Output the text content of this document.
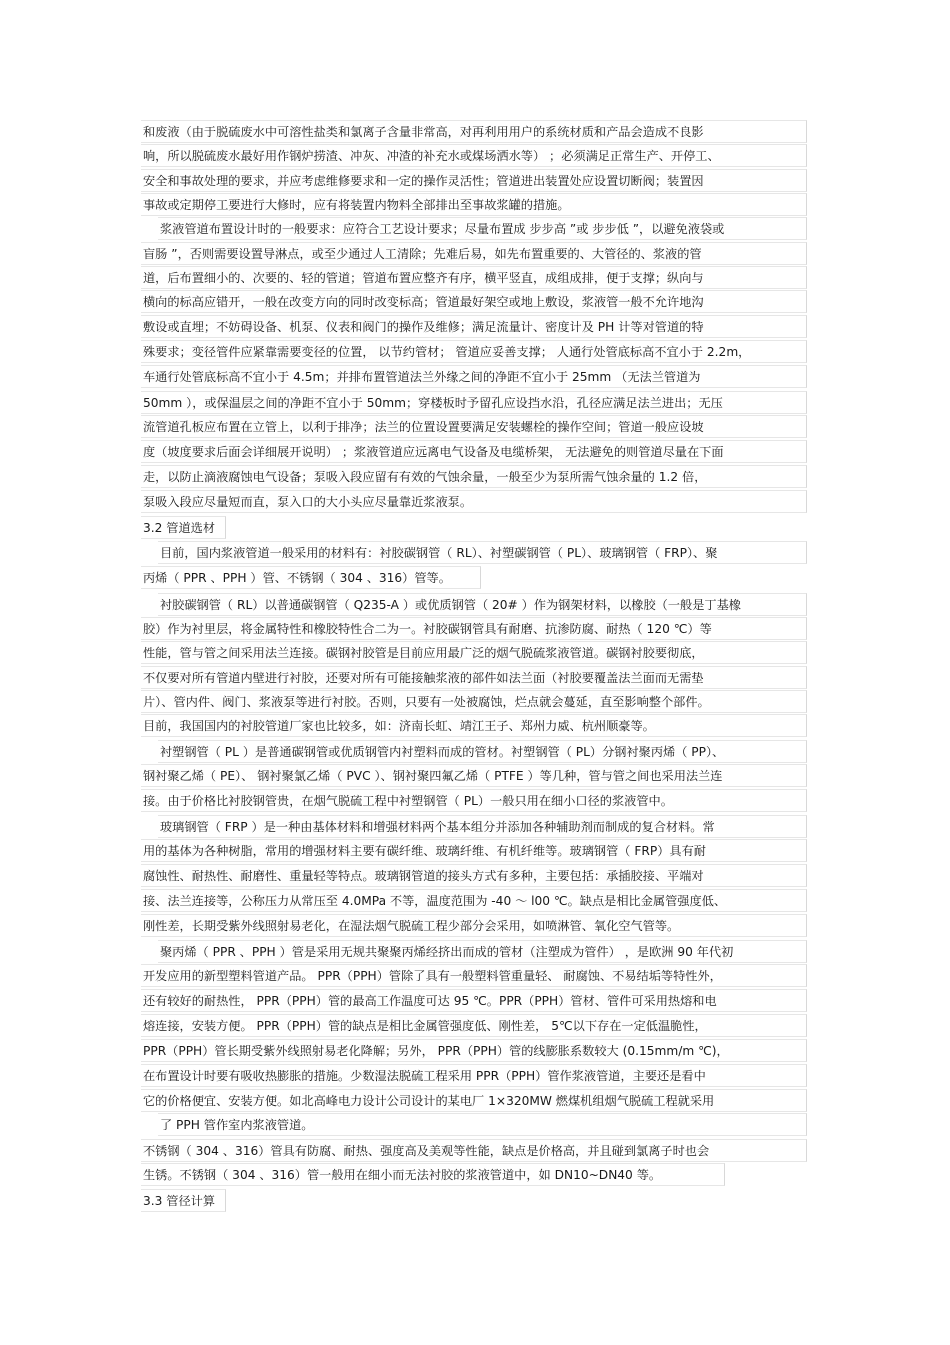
和废液（由于脱硫废水中可溶性盐类和氯离子含量非常高，对再利用用户的系统材质和产品会造成不良影
响，所以脱硫废水最好用作钢炉捞渣、冲灰、冲渣的补充水或煤场洒水等） ；必须满足正常生产、开停工、
安全和事故处理的要求，并应考虑维修要求和一定的操作灵活性；管道进出装置处应设置切断阀；装置因
事故或定期停工要进行大修时，应有将装置内物料全部排出至事故浆罐的措施。
浆液管道布置设计时的一般要求：应符合工艺设计要求；尽量布置成 步步高 ”或 步步低 ”，以避免液袋或
盲肠 ”，否则需要设置导淋点，或至少通过人工清除；先难后易，如先布置重要的、大管径的、浆液的管
道，后布置细小的、次要的、轻的管道；管道布置应整齐有序，横平竖直，成组成排，便于支撑；纵向与
横向的标高应错开，一般在改变方向的同时改变标高；管道最好架空或地上敷设，浆液管一般不允许地沟
敷设或直埋；不妨碍设备、机泵、仪表和阀门的操作及维修；满足流量计、密度计及 PH 计等对管道的特
殊要求；变径管件应紧靠需要变径的位置， 以节约管材； 管道应妥善支撑； 人通行处管底标高不宜小于 2.2m，
车通行处管底标高不宜小于 4.5m；并排布置管道法兰外缘之间的净距不宜小于 25mm （无法兰管道为
50mm ），或保温层之间的净距不宜小于 50mm；穿楼板时予留孔应设挡水沿，孔径应满足法兰进出；无压
流管道孔板应布置在立管上，以利于排净；法兰的位置设置要满足安装螺栓的操作空间；管道一般应设坡
度（坡度要求后面会详细展开说明） ；浆液管道应远离电气设备及电缆桥架， 无法避免的则管道尽量在下面
走，以防止滴液腐蚀电气设备；泵吸入段应留有有效的气蚀余量，一般至少为泵所需气蚀余量的 1.2 倍，
泵吸入段应尽量短而直，泵入口的大小头应尽量靠近浆液泵。
3.2 管道选材
目前，国内浆液管道一般采用的材料有：衬胶碳钢管（ RL）、衬塑碳钢管（ PL）、玻璃钢管（ FRP）、聚
丙烯（ PPR 、PPH ）管、不锈钢（ 304 、316）管等。
衬胶碳钢管（ RL）以普通碳钢管（ Q235-A ）或优质钢管（ 20# ）作为钢架材料，以橡胶（一般是丁基橡
胶）作为衬里层，将金属特性和橡胶特性合二为一。衬胶碳钢管具有耐磨、抗渗防腐、耐热（ 120 ℃）等
性能，管与管之间采用法兰连接。碳钢衬胶管是目前应用最广泛的烟气脱硫浆液管道。碳钢衬胶要彻底，
不仅要对所有管道内壁进行衬胶，还要对所有可能接触浆液的部件如法兰面（衬胶要覆盖法兰面而无需垫
片）、管内件、阀门、浆液泵等进行衬胶。否则，只要有一处被腐蚀，烂点就会蔓延，直至影响整个部件。
目前，我国国内的衬胶管道厂家也比较多，如：济南长虹、靖江王子、郑州力威、杭州顺豪等。
衬塑钢管（ PL ）是普通碳钢管或优质钢管内衬塑料而成的管材。衬塑钢管（ PL）分钢衬聚丙烯（ PP）、
钢衬聚乙烯（ PE）、 钢衬聚氯乙烯（ PVC ）、钢衬聚四氟乙烯（ PTFE ）等几种，管与管之间也采用法兰连
接。由于价格比衬胶钢管贵，在烟气脱硫工程中衬塑钢管（ PL）一般只用在细小口径的浆液管中。
玻璃钢管（ FRP ）是一种由基体材料和增强材料两个基本组分并添加各种辅助剂而制成的复合材料。常
用的基体为各种树脂，常用的增强材料主要有碳纤维、玻璃纤维、有机纤维等。玻璃钢管（ FRP）具有耐
腐蚀性、耐热性、耐磨性、重量轻等特点。玻璃钢管道的接头方式有多种，主要包括：承插胶接、平端对
接、法兰连接等，公称压力从常压至 4.0MPa 不等，温度范围为 -40 ～ l00 ℃。缺点是相比金属管强度低、
刚性差，长期受紫外线照射易老化，在湿法烟气脱硫工程少部分会采用，如喷淋管、氧化空气管等。
聚丙烯（ PPR 、PPH ）管是采用无规共聚聚丙烯经挤出而成的管材（注塑成为管件） ，是欧洲 90 年代初
开发应用的新型塑料管道产品。 PPR（PPH）管除了具有一般塑料管重量轻、 耐腐蚀、不易结垢等特性外，
还有较好的耐热性， PPR（PPH）管的最高工作温度可达 95 ℃。PPR（PPH）管材、管件可采用热熔和电
熔连接，安装方便。 PPR（PPH）管的缺点是相比金属管强度低、刚性差， 5℃以下存在一定低温脆性，
PPR（PPH）管长期受紫外线照射易老化降解；另外， PPR（PPH）管的线膨胀系数较大 (0.15mm/m ℃)，
在布置设计时要有吸收热膨胀的措施。少数湿法脱硫工程采用 PPR（PPH）管作浆液管道，主要还是看中
它的价格便宜、安装方便。如北高峰电力设计公司设计的某电厂 1×320MW 燃煤机组烟气脱硫工程就采用
了 PPH 管作室内浆液管道。
不锈钢（ 304 、316）管具有防腐、耐热、强度高及美观等性能，缺点是价格高，并且碰到氯离子时也会
生锈。不锈钢（ 304 、316）管一般用在细小而无法衬胶的浆液管道中，如 DN10~DN40 等。
3.3 管径计算
